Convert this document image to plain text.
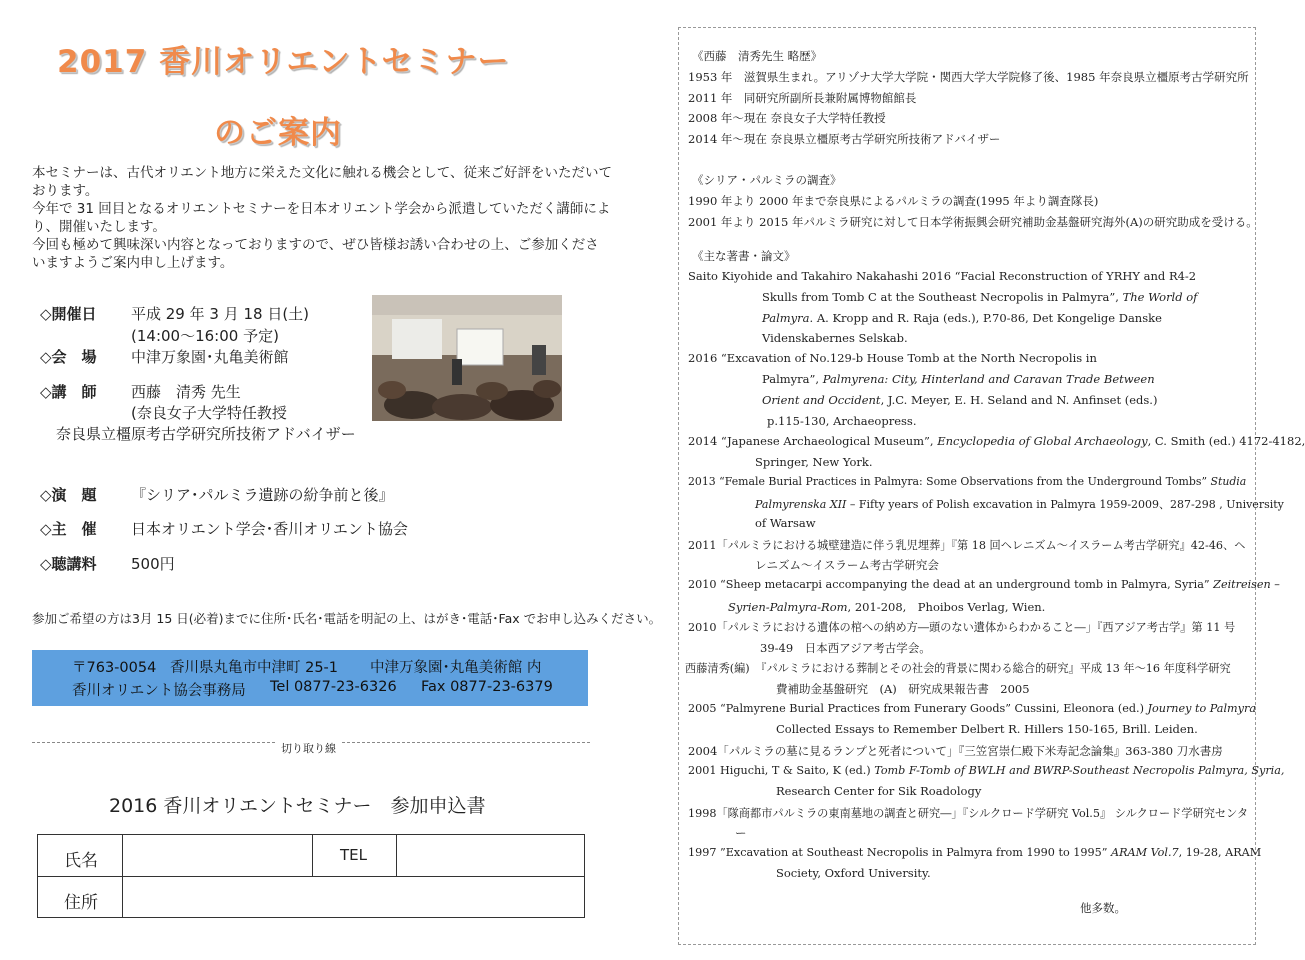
2017 香川オリエントセミナー
のご案内
本セミナーは、古代オリエント地方に栄えた文化に触れる機会として、従来ご好評をいただいて
おります。
今年で 31 回目となるオリエントセミナーを日本オリエント学会から派遣していただく講師によ
り、開催いたします。
今回も極めて興味深い内容となっておりますので、ぜひ皆様お誘い合わせの上、ご参加くださ
いますようご案内申し上げます。
◇開催日 平成 29 年 3 月 18 日(土)
(14:00～16:00 予定)
◇会　場 中津万象園･丸亀美術館
◇講　師 西藤　清秀 先生
(奈良女子大学特任教授
奈良県立橿原考古学研究所技術アドバイザー
◇演　題 『シリア･パルミラ遺跡の紛争前と後』
◇主　催 日本オリエント学会･香川オリエント協会
◇聴講料 500円
参加ご希望の方は3月 15 日(必着)までに住所･氏名･電話を明記の上、はがき･電話･Fax でお申し込みください。
〒763-0054 香川県丸亀市中津町 25-1 中津万象園･丸亀美術館 内
香川オリエント協会事務局 Tel 0877-23-6326 Fax 0877-23-6379
切り取り線
2016 香川オリエントセミナー　参加申込書
氏名	TEL
住所
《西藤　清秀先生 略歴》
1953 年　滋賀県生まれ。アリゾナ大学大学院・関西大学大学院修了後、1985 年奈良県立橿原考古学研究所
2011 年　同研究所副所長兼附属博物館館長
2008 年～現在 奈良女子大学特任教授
2014 年～現在 奈良県立橿原考古学研究所技術アドバイザー
《シリア・パルミラの調査》
1990 年より 2000 年まで奈良県によるパルミラの調査(1995 年より調査隊長)
2001 年より 2015 年パルミラ研究に対して日本学術振興会研究補助金基盤研究海外(A)の研究助成を受ける。
《主な著書・論文》
Saito Kiyohide and Takahiro Nakahashi 2016 “Facial Reconstruction of YRHY and R4-2
Skulls from Tomb C at the Southeast Necropolis in Palmyra”, The World of
Palmyra. A. Kropp and R. Raja (eds.), P.70-86, Det Kongelige Danske
Videnskabernes Selskab.
2016 “Excavation of No.129-b House Tomb at the North Necropolis in
Palmyra”, Palmyrena: City, Hinterland and Caravan Trade Between
Orient and Occident, J.C. Meyer, E. H. Seland and N. Anfinset (eds.)
p.115-130, Archaeopress.
2014 “Japanese Archaeological Museum”, Encyclopedia of Global Archaeology, C. Smith (ed.) 4172-4182,
Springer, New York.
2013 “Female Burial Practices in Palmyra: Some Observations from the Underground Tombs” Studia
Palmyrenska XII – Fifty years of Polish excavation in Palmyra 1959-2009、287-298 , University
of Warsaw
2011「パルミラにおける城壁建造に伴う乳児埋葬」『第 18 回ヘレニズム～イスラーム考古学研究』42-46、ヘ
レニズム～イスラーム考古学研究会
2010 “Sheep metacarpi accompanying the dead at an underground tomb in Palmyra, Syria” Zeitreisen –
Syrien-Palmyra-Rom, 201-208,　Phoibos Verlag, Wien.
2010「パルミラにおける遺体の棺への納め方―頭のない遺体からわかること―」『西アジア考古学』第 11 号
39-49　日本西アジア考古学会。
西藤清秀(編)　『パルミラにおける葬制とその社会的背景に関わる総合的研究』平成 13 年～16 年度科学研究
費補助金基盤研究　(A)　研究成果報告書　2005
2005 “Palmyrene Burial Practices from Funerary Goods” Cussini, Eleonora (ed.) Journey to Palmyra
Collected Essays to Remember Delbert R. Hillers 150-165, Brill. Leiden.
2004「パルミラの墓に見るランプと死者について」『三笠宮崇仁殿下米寿記念論集』363-380 刀水書房
2001 Higuchi, T & Saito, K (ed.) Tomb F-Tomb of BWLH and BWRP-Southeast Necropolis Palmyra, Syria,
Research Center for Sik Roadology
1998「隊商都市パルミラの東南墓地の調査と研究―」『シルクロード学研究 Vol.5』 シルクロード学研究センタ
ー
1997 ”Excavation at Southeast Necropolis in Palmyra from 1990 to 1995” ARAM Vol.7, 19-28, ARAM
Society, Oxford University.
他多数。
